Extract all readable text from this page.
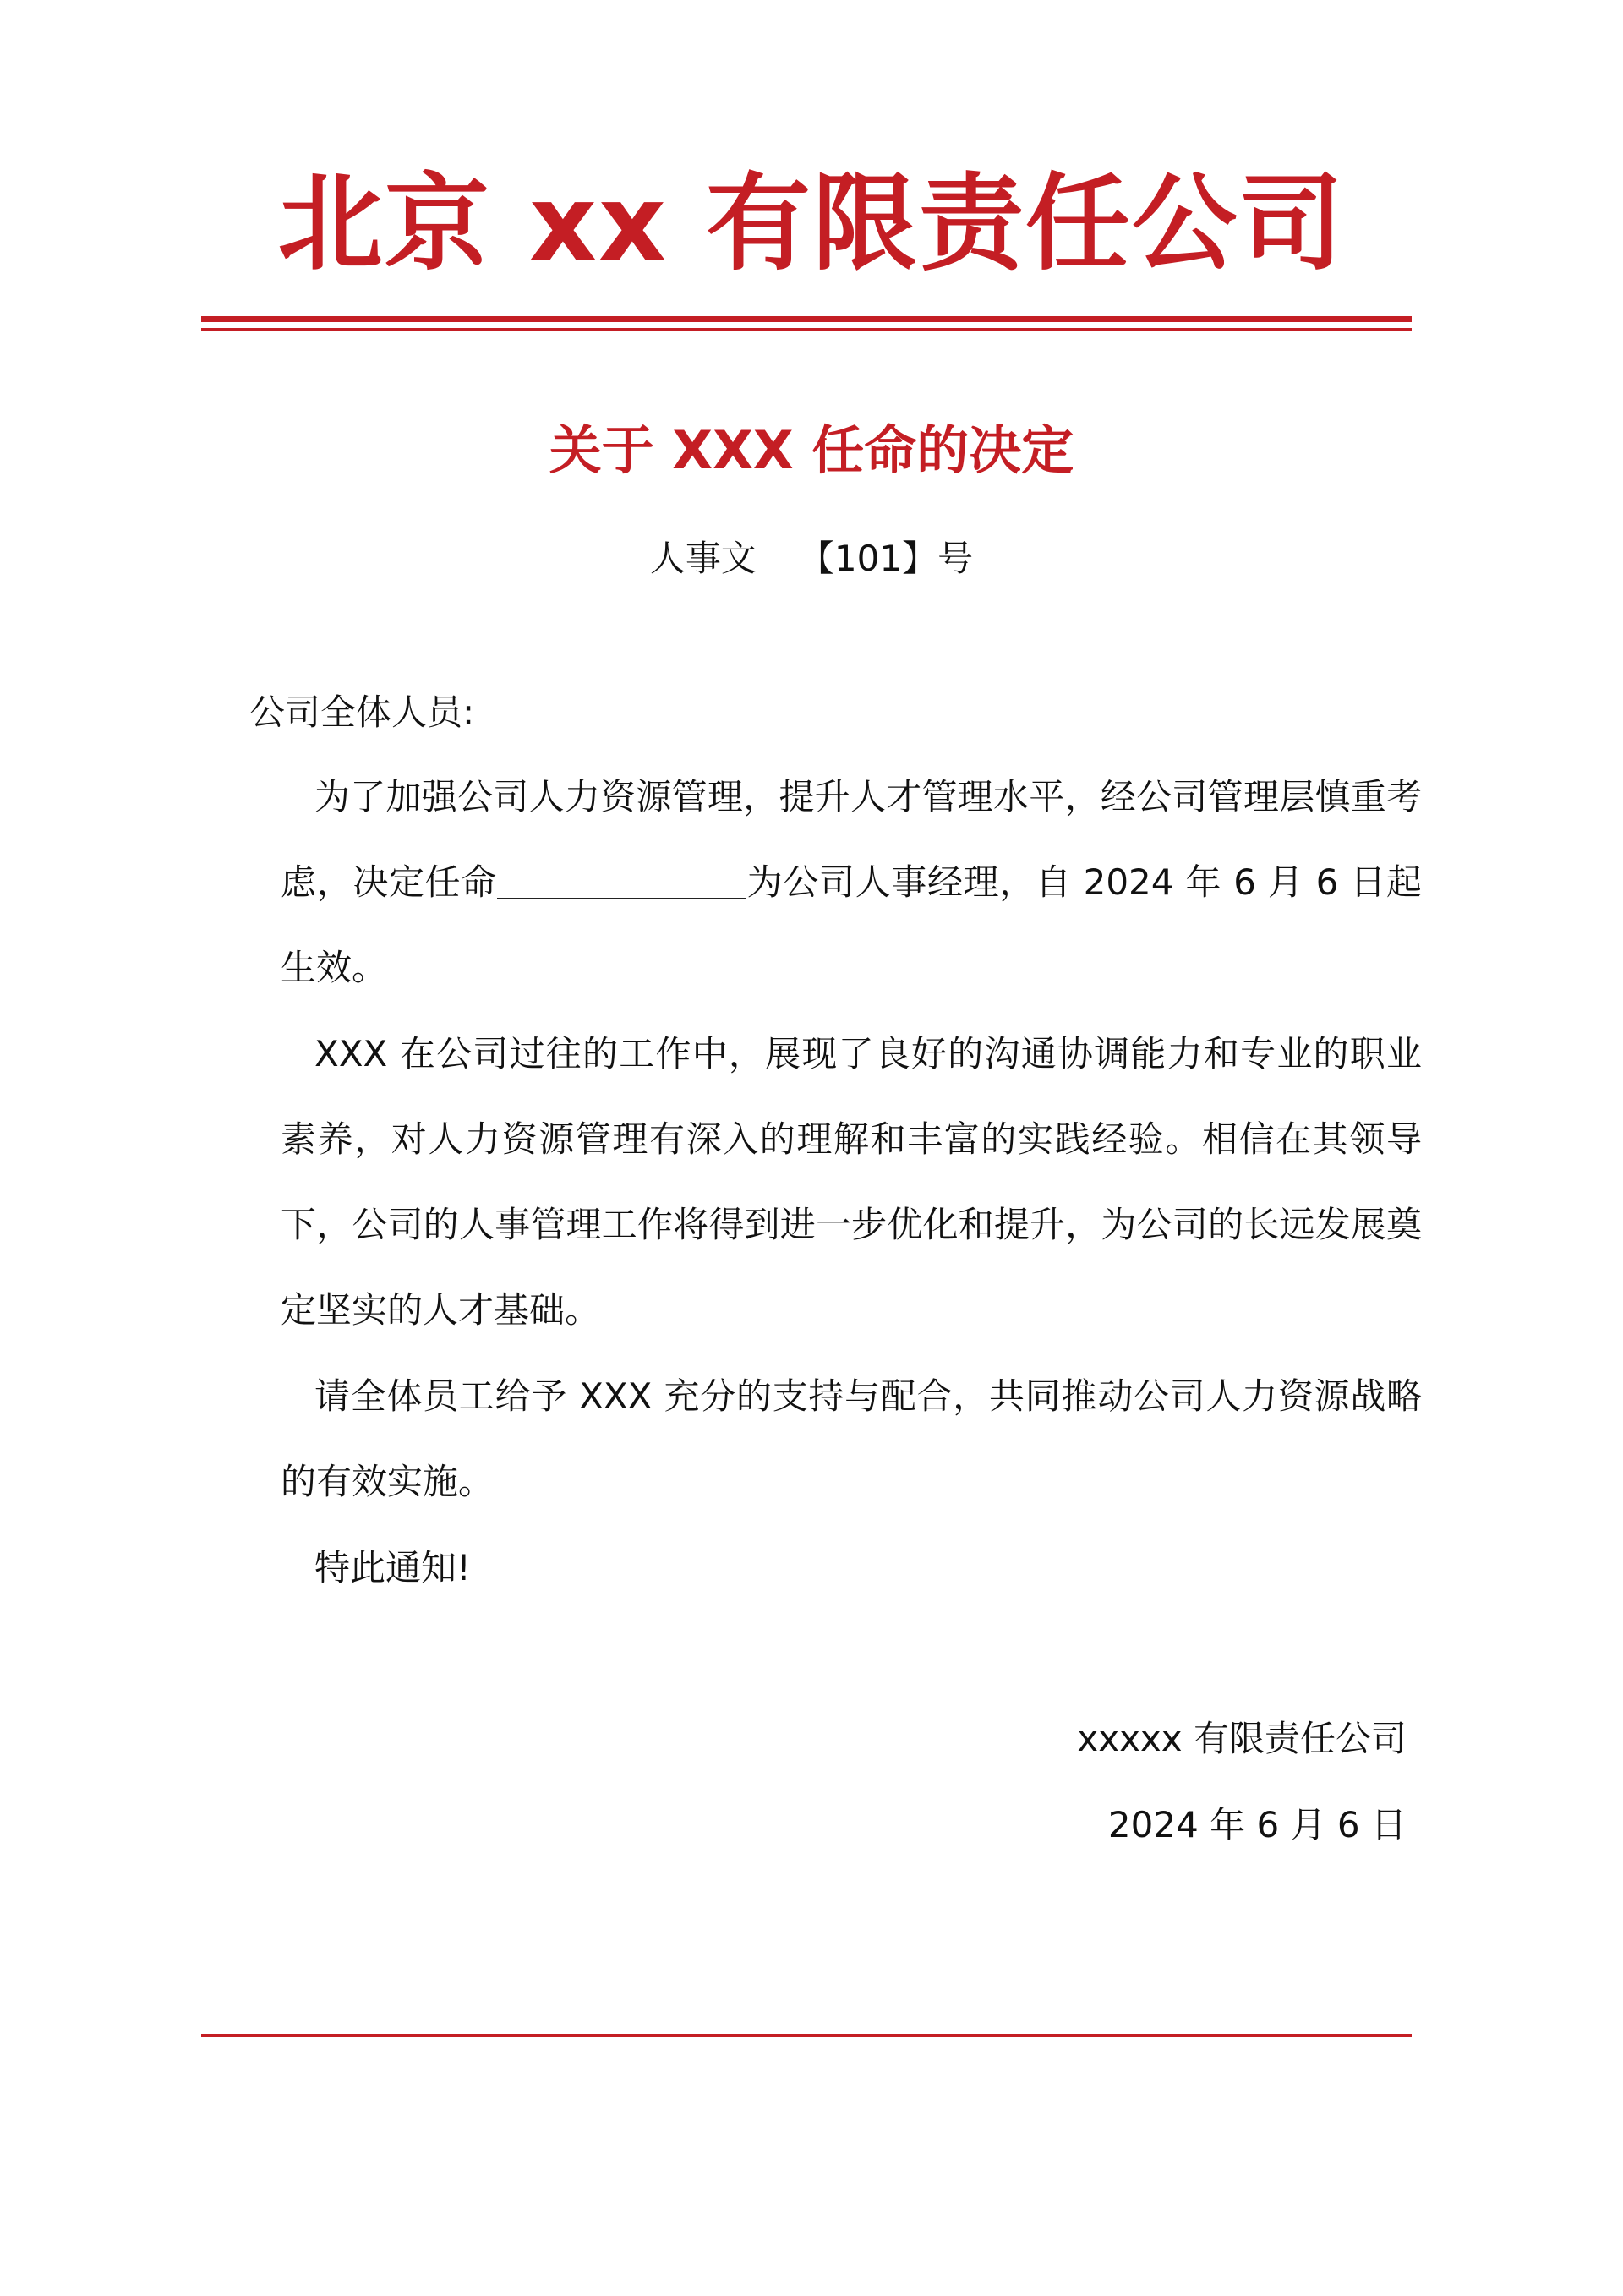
北京 xx 有限责任公司
关于 XXX 任命的决定
人事文 【101】号
公司全体人员:

为了加强公司人力资源管理，提升人才管理水平，经公司管理层慎重考虑，决定任命	为公司人事经理，自 2024 年 6 月 6 日起生效。

XXX 在公司过往的工作中，展现了良好的沟通协调能力和专业的职业素养，对人力资源管理有深入的理解和丰富的实践经验。相信在其领导下，公司的人事管理工作将得到进一步优化和提升，为公司的长远发展奠定坚实的人才基础。

请全体员工给予 XXX 充分的支持与配合，共同推动公司人力资源战略的有效实施。

特此通知!

xxxxx 有限责任公司
2024 年 6 月 6 日
